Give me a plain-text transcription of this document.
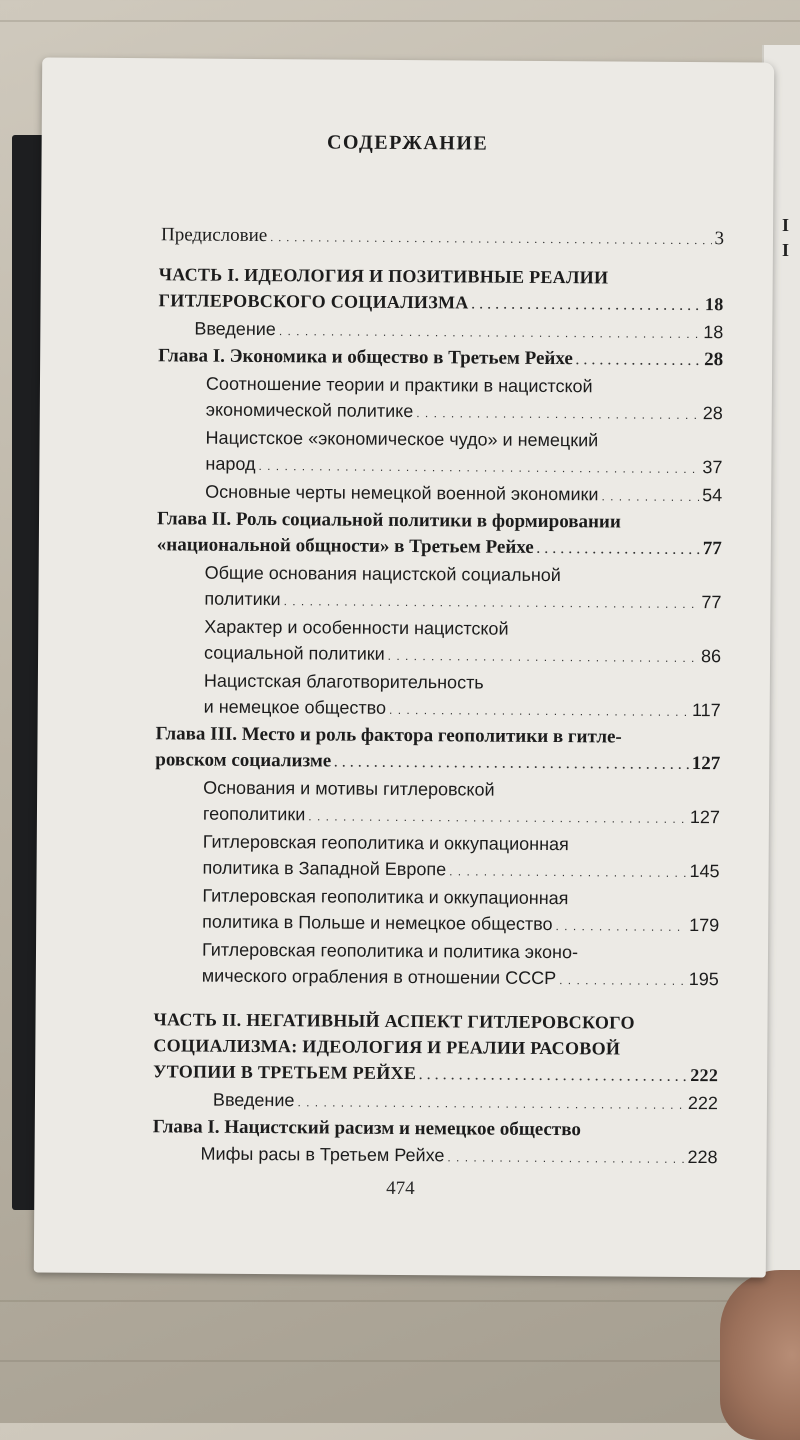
СОДЕРЖАНИЕ
Предисловие . . .	3
ЧАСТЬ I. ИДЕОЛОГИЯ И ПОЗИТИВНЫЕ РЕАЛИИ
ГИТЛЕРОВСКОГО СОЦИАЛИЗМА . . .	18
Введение . . .	18
Глава I. Экономика и общество в Третьем Рейхе . . .	28
Соотношение теории и практики в нацистской
экономической политике . . .	28
Нацистское «экономическое чудо» и немецкий
народ . . .	37
Основные черты немецкой военной экономики . . .	54
Глава II. Роль социальной политики в формировании
«национальной общности» в Третьем Рейхе . . .	77
Общие основания нацистской социальной
политики . . .	77
Характер и особенности нацистской
социальной политики . . .	86
Нацистская благотворительность
и немецкое общество . . .	117
Глава III. Место и роль фактора геополитики в гитле-
ровском социализме . . .	127
Основания и мотивы гитлеровской
геополитики . . .	127
Гитлеровская геополитика и оккупационная
политика в Западной Европе . . .	145
Гитлеровская геополитика и оккупационная
политика в Польше и немецкое общество . . .	179
Гитлеровская геополитика и политика эконо-
мического ограбления в отношении СССР . . .	195
ЧАСТЬ II. НЕГАТИВНЫЙ АСПЕКТ ГИТЛЕРОВСКОГО
СОЦИАЛИЗМА: ИДЕОЛОГИЯ И РЕАЛИИ РАСОВОЙ
УТОПИИ В ТРЕТЬЕМ РЕЙХЕ . . .	222
Введение . . .	222
Глава I. Нацистский расизм и немецкое общество
Мифы расы в Третьем Рейхе . . .	228
474
I
I
